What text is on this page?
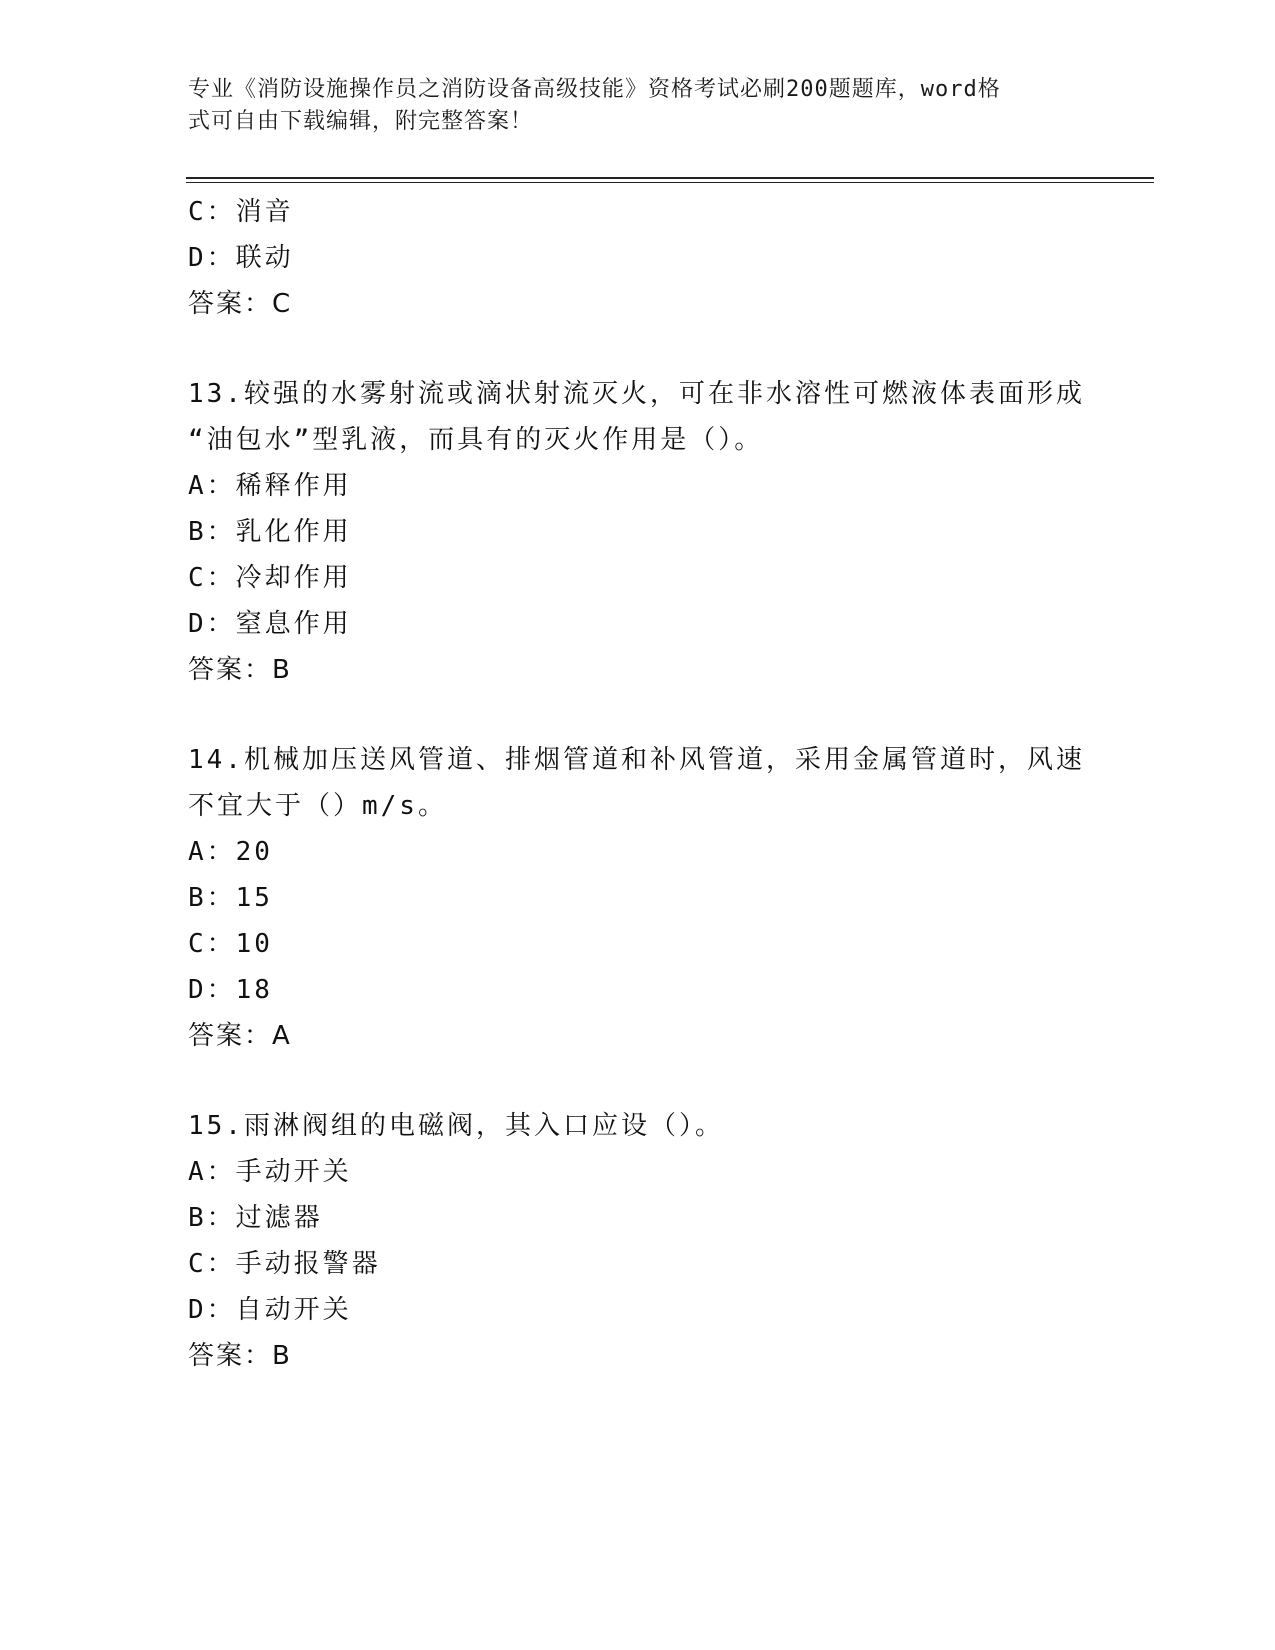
专业《消防设施操作员之消防设备高级技能》资格考试必刷200题题库，word格
式可自由下载编辑，附完整答案！

C：消音

D：联动

答案：C

13.较强的水雾射流或滴状射流灭火，可在非水溶性可燃液体表面形成

“油包水”型乳液，而具有的灭火作用是（）。

A：稀释作用

B：乳化作用

C：冷却作用

D：窒息作用

答案：B

14.机械加压送风管道、排烟管道和补风管道，采用金属管道时，风速

不宜大于（）m/s。

A：20

B：15

C：10

D：18

答案：A

15.雨淋阀组的电磁阀，其入口应设（）。

A：手动开关

B：过滤器

C：手动报警器

D：自动开关

答案：B
